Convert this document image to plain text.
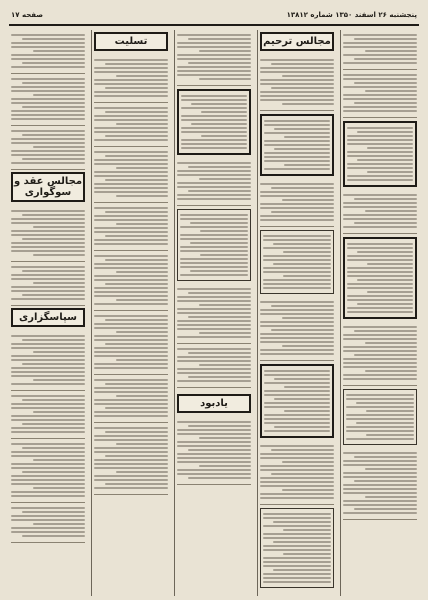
پنجشنبه ۲۶ اسفند ۱۳۵۰ شماره ۱۳۸۱۲
صفحه ۱۷
مجالس ترحیم
یادبود
تسلیت
مجالس عقد و سوگواری
سپاسگزاری
